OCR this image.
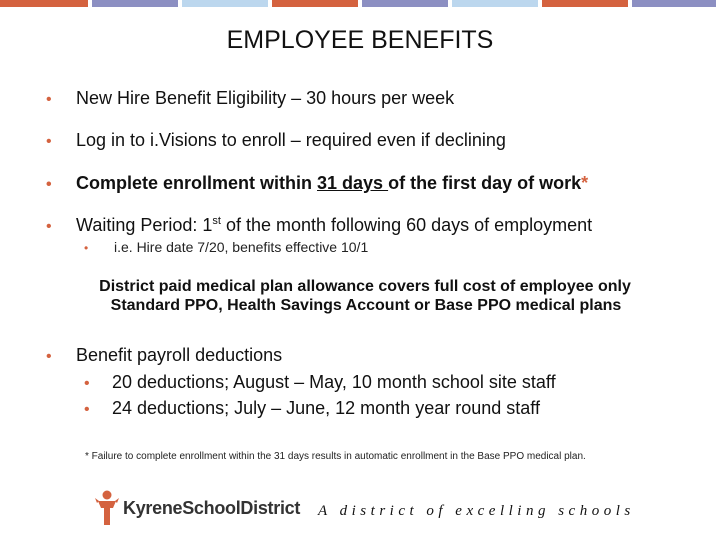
EMPLOYEE BENEFITS
•	New Hire Benefit Eligibility – 30 hours per week
•	Log in to i.Visions to enroll – required even if declining
•	Complete enrollment within 31 days of the first day of work*
•	Waiting Period: 1st of the month following 60 days of employment
•	i.e. Hire date 7/20, benefits effective 10/1
District paid medical plan allowance covers full cost of employee only
Standard PPO, Health Savings Account or Base PPO medical plans
•	Benefit payroll deductions
•	20 deductions; August – May, 10 month school site staff
•	24 deductions; July – June, 12 month year round staff
* Failure to complete enrollment within the 31 days results in automatic enrollment in the Base PPO medical plan.
KyreneSchoolDistrict A district of excelling schools
